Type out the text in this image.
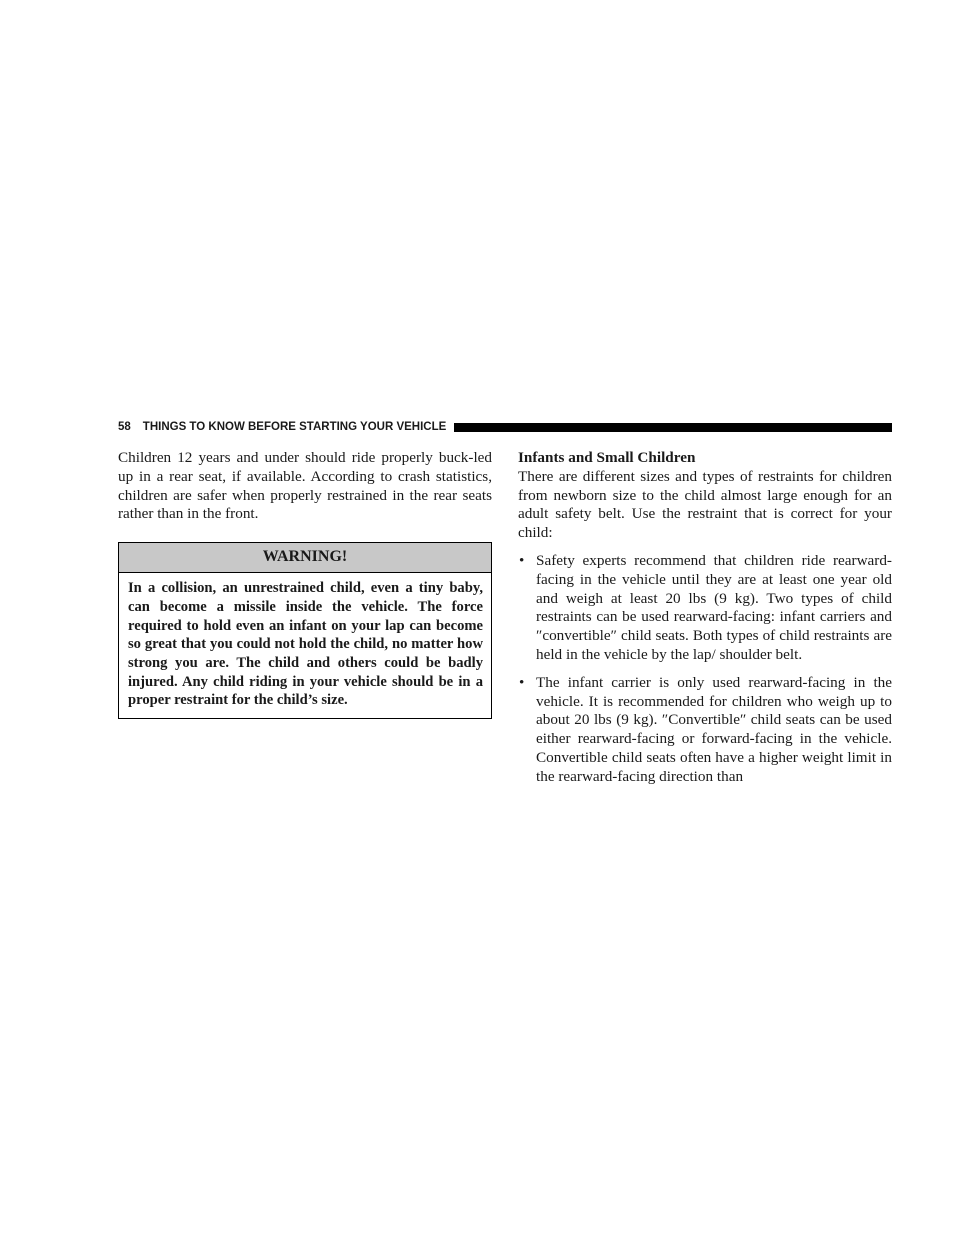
58 THINGS TO KNOW BEFORE STARTING YOUR VEHICLE

Children 12 years and under should ride properly buck-led up in a rear seat, if available. According to crash statistics, children are safer when properly restrained in the rear seats rather than in the front.

WARNING!
In a collision, an unrestrained child, even a tiny baby, can become a missile inside the vehicle. The force required to hold even an infant on your lap can become so great that you could not hold the child, no matter how strong you are. The child and others could be badly injured. Any child riding in your vehicle should be in a proper restraint for the child’s size.

Infants and Small Children

There are different sizes and types of restraints for children from newborn size to the child almost large enough for an adult safety belt. Use the restraint that is correct for your child:

• Safety experts recommend that children ride rearward-facing in the vehicle until they are at least one year old and weigh at least 20 lbs (9 kg). Two types of child restraints can be used rearward-facing: infant carriers and ″convertible″ child seats. Both types of child restraints are held in the vehicle by the lap/ shoulder belt.

• The infant carrier is only used rearward-facing in the vehicle. It is recommended for children who weigh up to about 20 lbs (9 kg). ″Convertible″ child seats can be used either rearward-facing or forward-facing in the vehicle. Convertible child seats often have a higher weight limit in the rearward-facing direction than
